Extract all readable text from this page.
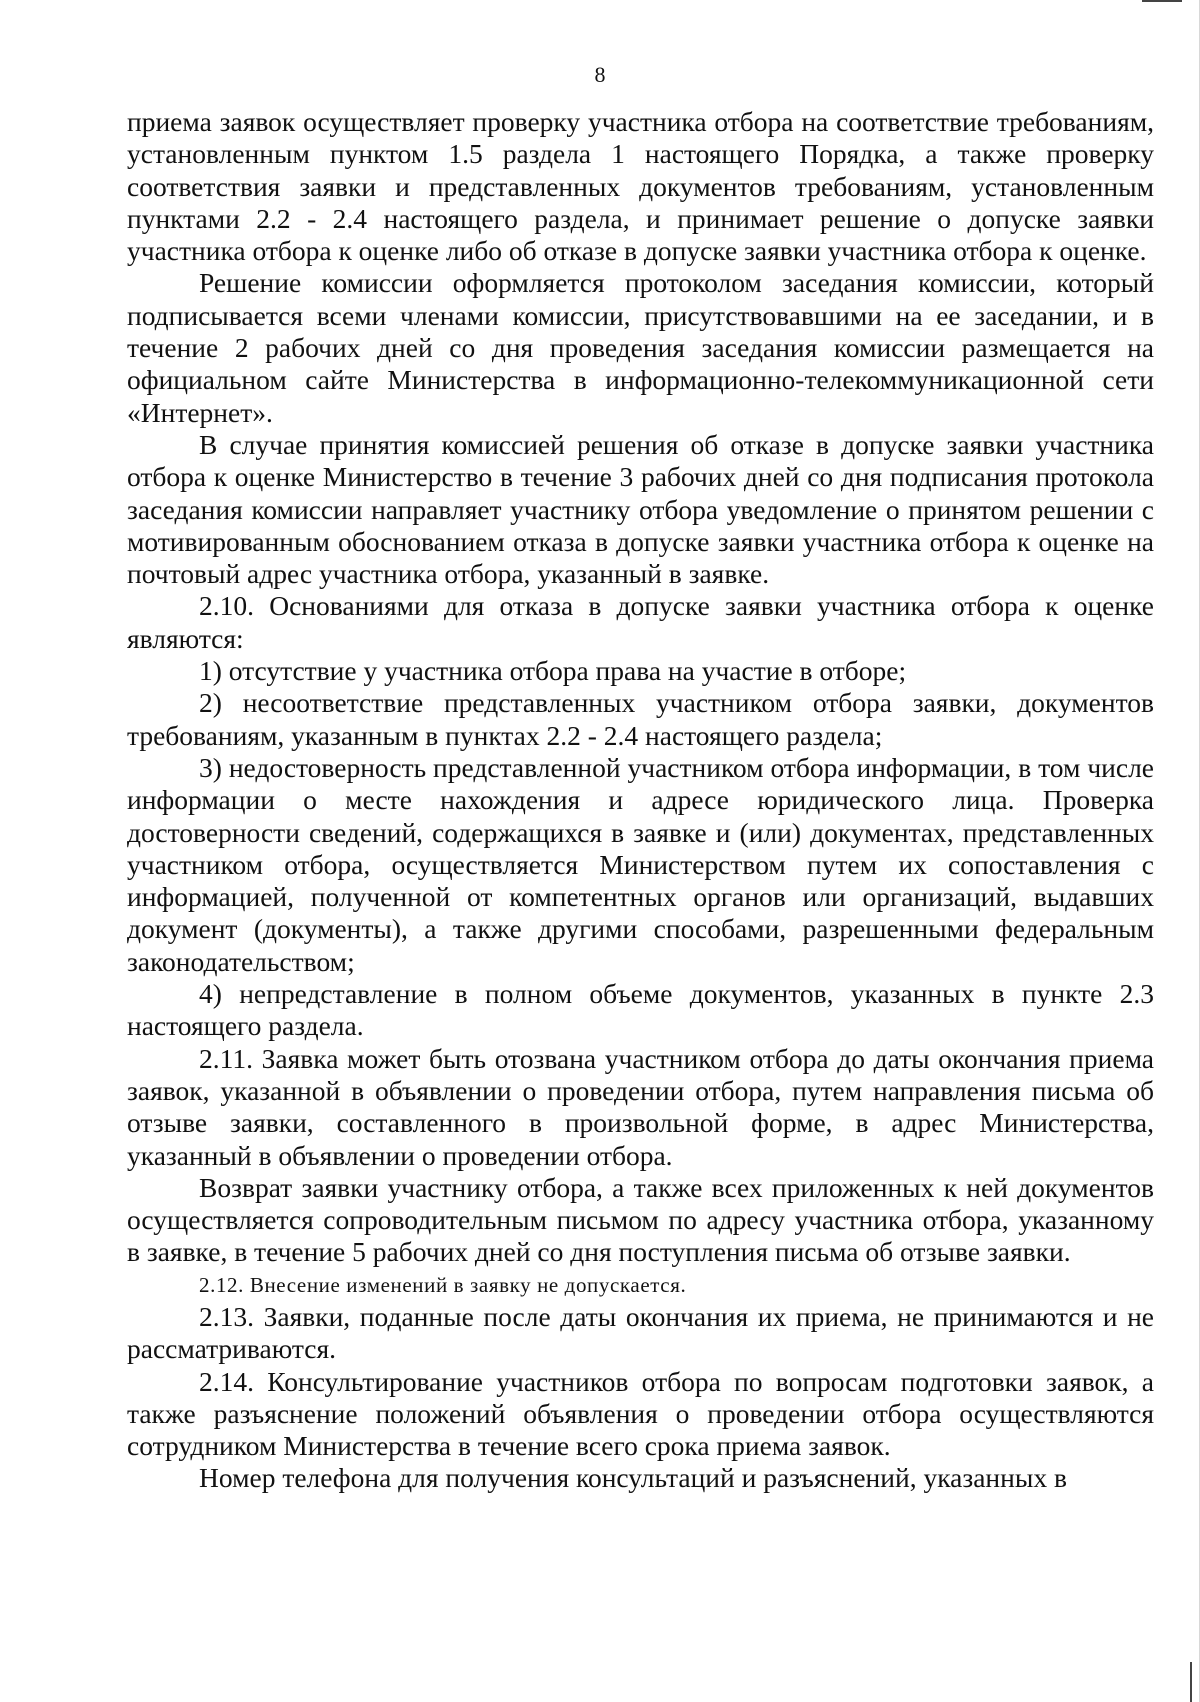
8

приема заявок осуществляет проверку участника отбора на соответствие требованиям, установленным пунктом 1.5 раздела 1 настоящего Порядка, а также проверку соответствия заявки и представленных документов требованиям, установленным пунктами 2.2 - 2.4 настоящего раздела, и принимает решение о допуске заявки участника отбора к оценке либо об отказе в допуске заявки участника отбора к оценке.

Решение комиссии оформляется протоколом заседания комиссии, который подписывается всеми членами комиссии, присутствовавшими на ее заседании, и в течение 2 рабочих дней со дня проведения заседания комиссии размещается на официальном сайте Министерства в информационно-телекоммуникационной сети «Интернет».

В случае принятия комиссией решения об отказе в допуске заявки участника отбора к оценке Министерство в течение 3 рабочих дней со дня подписания протокола заседания комиссии направляет участнику отбора уведомление о принятом решении с мотивированным обоснованием отказа в допуске заявки участника отбора к оценке на почтовый адрес участника отбора, указанный в заявке.

2.10. Основаниями для отказа в допуске заявки участника отбора к оценке являются:

1) отсутствие у участника отбора права на участие в отборе;

2) несоответствие представленных участником отбора заявки, документов требованиям, указанным в пунктах 2.2 - 2.4 настоящего раздела;

3) недостоверность представленной участником отбора информации, в том числе информации о месте нахождения и адресе юридического лица. Проверка достоверности сведений, содержащихся в заявке и (или) документах, представленных участником отбора, осуществляется Министерством путем их сопоставления с информацией, полученной от компетентных органов или организаций, выдавших документ (документы), а также другими способами, разрешенными федеральным законодательством;

4) непредставление в полном объеме документов, указанных в пункте 2.3 настоящего раздела.

2.11. Заявка может быть отозвана участником отбора до даты окончания приема заявок, указанной в объявлении о проведении отбора, путем направления письма об отзыве заявки, составленного в произвольной форме, в адрес Министерства, указанный в объявлении о проведении отбора.

Возврат заявки участнику отбора, а также всех приложенных к ней документов осуществляется сопроводительным письмом по адресу участника отбора, указанному в заявке, в течение 5 рабочих дней со дня поступления письма об отзыве заявки.

2.12. Внесение изменений в заявку не допускается.

2.13. Заявки, поданные после даты окончания их приема, не принимаются и не рассматриваются.

2.14. Консультирование участников отбора по вопросам подготовки заявок, а также разъяснение положений объявления о проведении отбора осуществляются сотрудником Министерства в течение всего срока приема заявок.

Номер телефона для получения консультаций и разъяснений, указанных в
